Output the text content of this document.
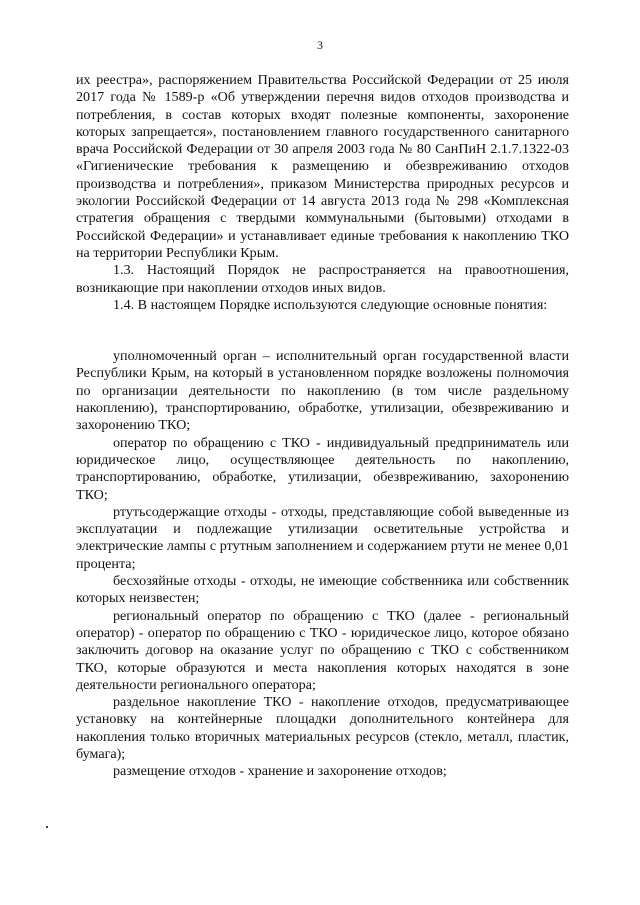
3

их реестра», распоряжением Правительства Российской Федерации от 25 июля 2017 года № 1589-р «Об утверждении перечня видов отходов производства и потребления, в состав которых входят полезные компоненты, захоронение которых запрещается», постановлением главного государственного санитарного врача Российской Федерации от 30 апреля 2003 года № 80 СанПиН 2.1.7.1322-03 «Гигиенические требования к размещению и обезвреживанию отходов производства и потребления», приказом Министерства природных ресурсов и экологии Российской Федерации от 14 августа 2013 года № 298 «Комплексная стратегия обращения с твердыми коммунальными (бытовыми) отходами в Российской Федерации» и устанавливает единые требования к накоплению ТКО на территории Республики Крым.

1.3. Настоящий Порядок не распространяется на правоотношения, возникающие при накоплении отходов иных видов.

1.4. В настоящем Порядке используются следующие основные понятия:

уполномоченный орган – исполнительный орган государственной власти Республики Крым, на который в установленном порядке возложены полномочия по организации деятельности по накоплению (в том числе раздельному накоплению), транспортированию, обработке, утилизации, обезвреживанию и захоронению ТКО;

оператор по обращению с ТКО - индивидуальный предприниматель или юридическое лицо, осуществляющее деятельность по накоплению, транспортированию, обработке, утилизации, обезвреживанию, захоронению ТКО;

ртутьсодержащие отходы - отходы, представляющие собой выведенные из эксплуатации и подлежащие утилизации осветительные устройства и электрические лампы с ртутным заполнением и содержанием ртути не менее 0,01 процента;

бесхозяйные отходы - отходы, не имеющие собственника или собственник которых неизвестен;

региональный оператор по обращению с ТКО (далее - региональный оператор) - оператор по обращению с ТКО - юридическое лицо, которое обязано заключить договор на оказание услуг по обращению с ТКО с собственником ТКО, которые образуются и места накопления которых находятся в зоне деятельности регионального оператора;

раздельное накопление ТКО - накопление отходов, предусматривающее установку на контейнерные площадки дополнительного контейнера для накопления только вторичных материальных ресурсов (стекло, металл, пластик, бумага);

размещение отходов - хранение и захоронение отходов;
